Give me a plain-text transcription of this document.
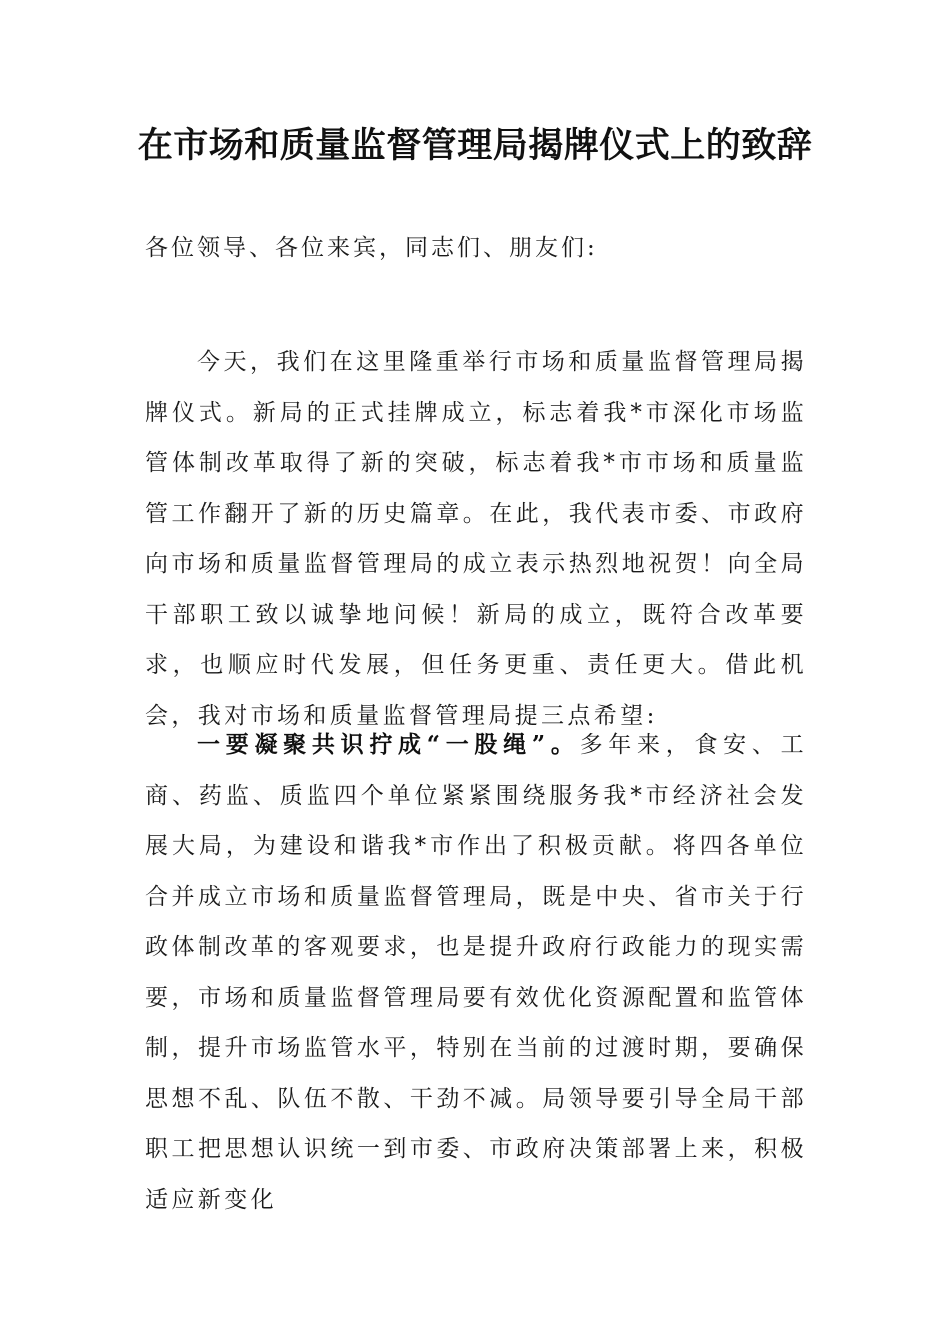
在市场和质量监督管理局揭牌仪式上的致辞

各位领导、各位来宾，同志们、朋友们:

今天，我们在这里隆重举行市场和质量监督管理局揭牌仪式。新局的正式挂牌成立，标志着我*市深化市场监管体制改革取得了新的突破，标志着我*市市场和质量监管工作翻开了新的历史篇章。在此，我代表市委、市政府向市场和质量监督管理局的成立表示热烈地祝贺！向全局干部职工致以诚挚地问候！新局的成立，既符合改革要求，也顺应时代发展，但任务更重、责任更大。借此机会，我对市场和质量监督管理局提三点希望:

一要凝聚共识拧成“一股绳”。多年来，食安、工商、药监、质监四个单位紧紧围绕服务我*市经济社会发展大局，为建设和谐我*市作出了积极贡献。将四各单位合并成立市场和质量监督管理局，既是中央、省市关于行政体制改革的客观要求，也是提升政府行政能力的现实需要，市场和质量监督管理局要有效优化资源配置和监管体制，提升市场监管水平，特别在当前的过渡时期，要确保思想不乱、队伍不散、干劲不减。局领导要引导全局干部职工把思想认识统一到市委、市政府决策部署上来，积极适应新变化
